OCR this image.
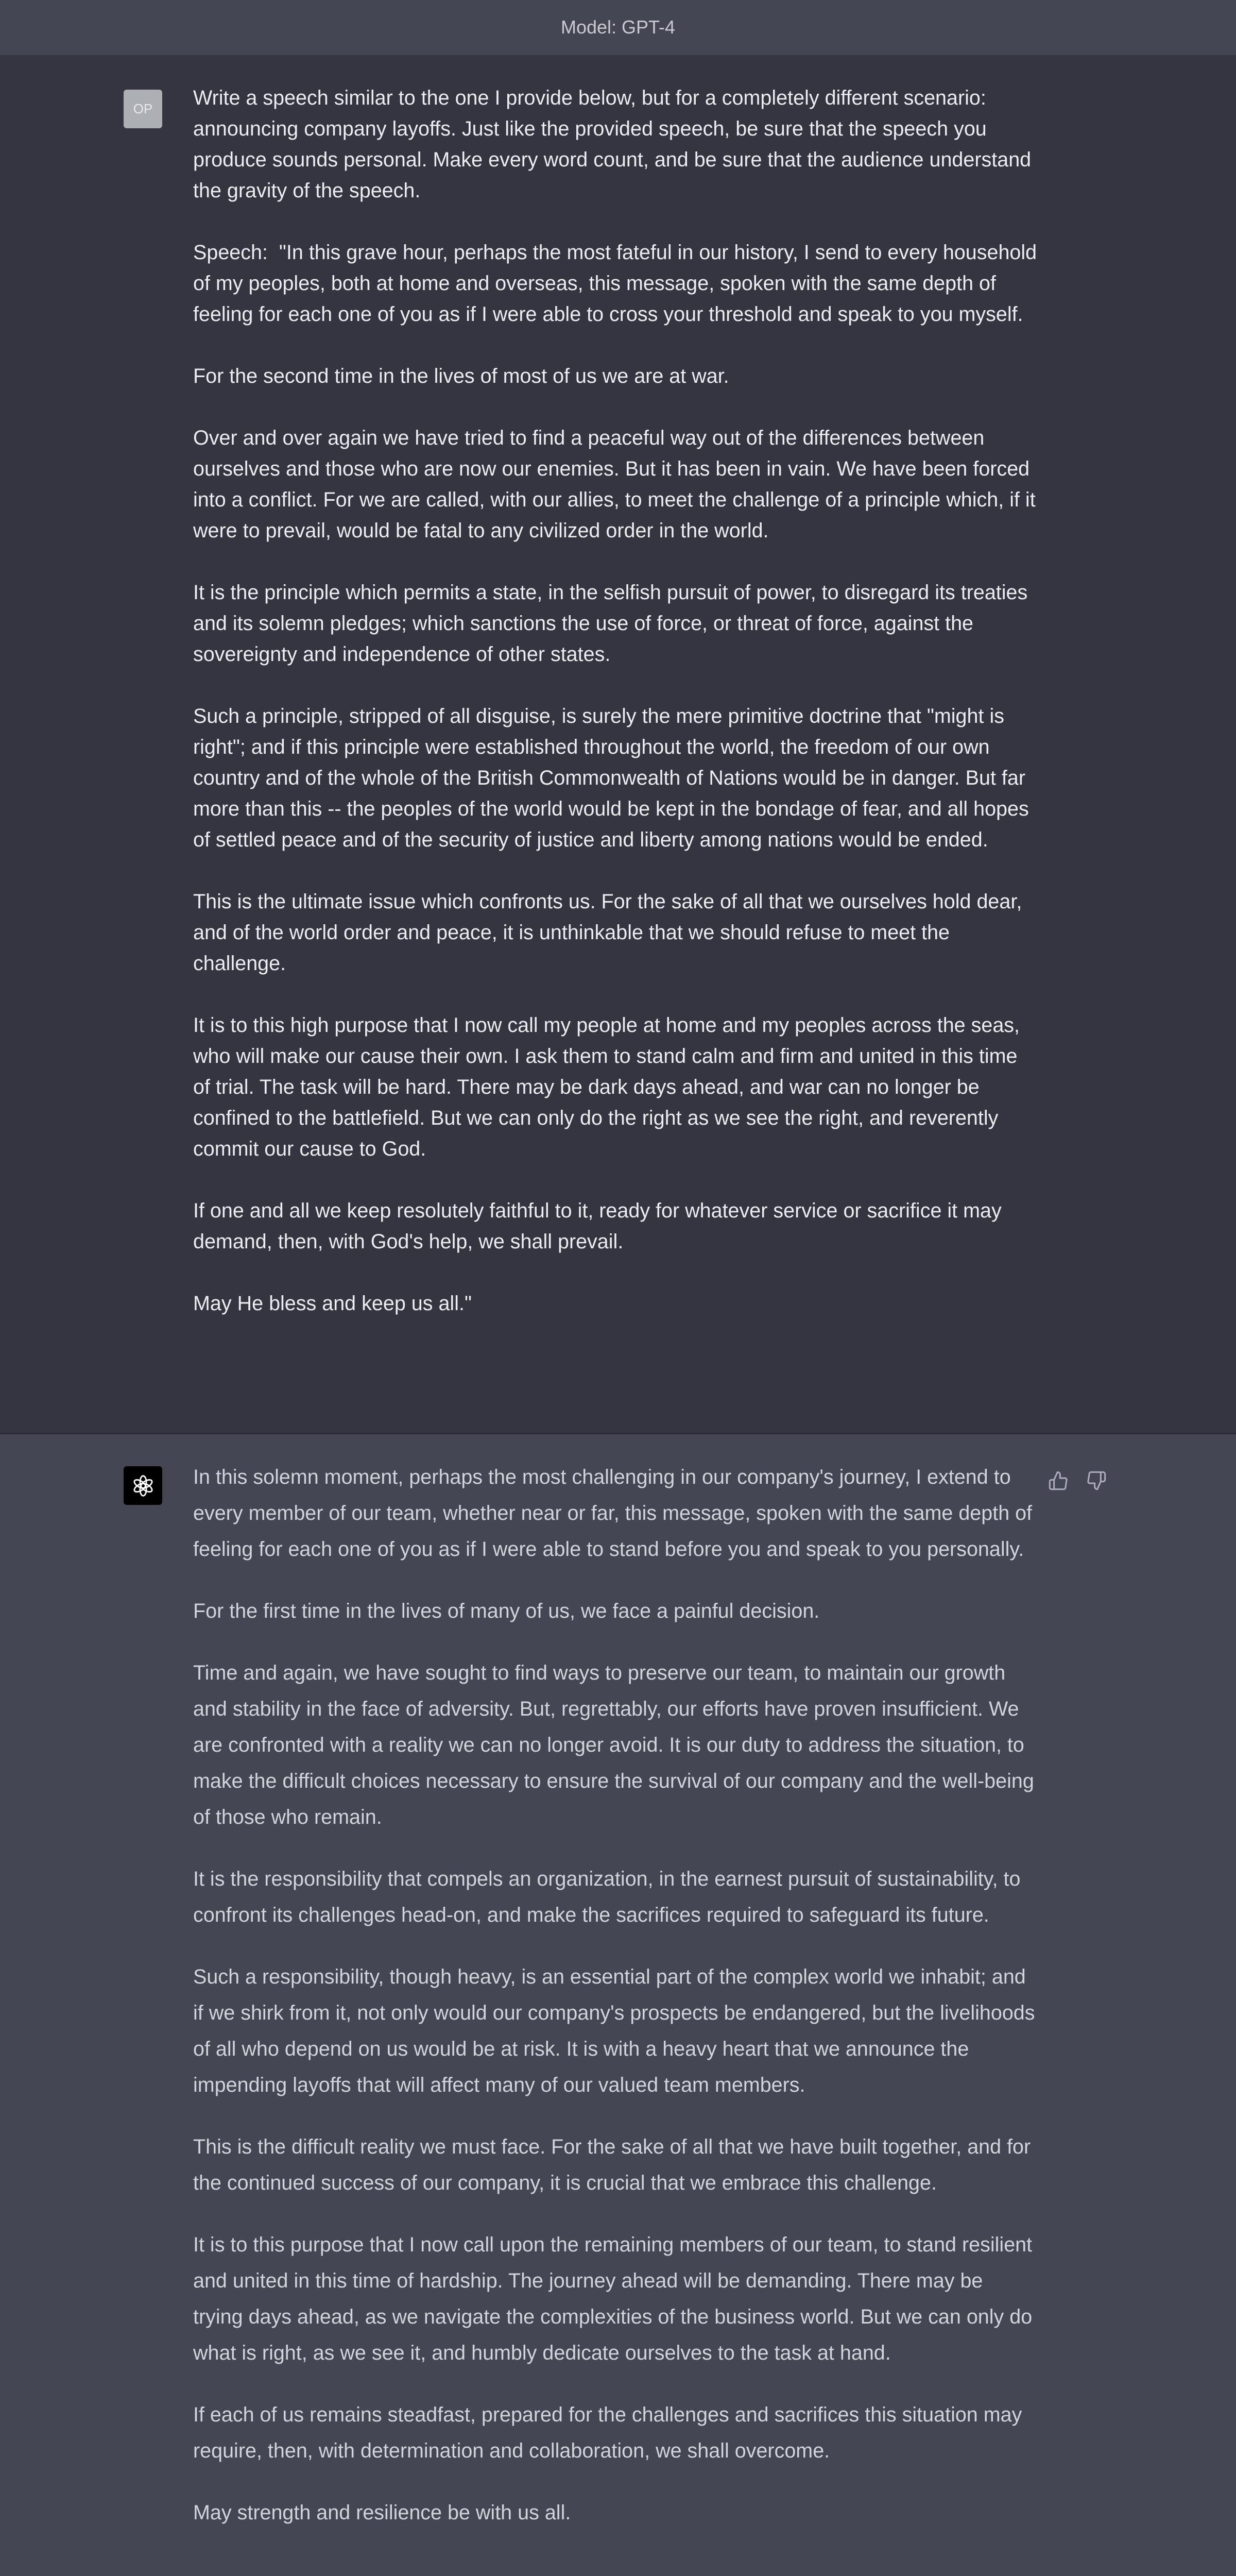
Model: GPT-4
OP Write a speech similar to the one I provide below, but for a completely different scenario: announcing company layoffs. Just like the provided speech, be sure that the speech you produce sounds personal. Make every word count, and be sure that the audience understand the gravity of the speech.

Speech:  "In this grave hour, perhaps the most fateful in our history, I send to every household of my peoples, both at home and overseas, this message, spoken with the same depth of feeling for each one of you as if I were able to cross your threshold and speak to you myself.

For the second time in the lives of most of us we are at war.

Over and over again we have tried to find a peaceful way out of the differences between ourselves and those who are now our enemies. But it has been in vain. We have been forced into a conflict. For we are called, with our allies, to meet the challenge of a principle which, if it were to prevail, would be fatal to any civilized order in the world.

It is the principle which permits a state, in the selfish pursuit of power, to disregard its treaties and its solemn pledges; which sanctions the use of force, or threat of force, against the sovereignty and independence of other states.

Such a principle, stripped of all disguise, is surely the mere primitive doctrine that "might is right"; and if this principle were established throughout the world, the freedom of our own country and of the whole of the British Commonwealth of Nations would be in danger. But far more than this -- the peoples of the world would be kept in the bondage of fear, and all hopes of settled peace and of the security of justice and liberty among nations would be ended.

This is the ultimate issue which confronts us. For the sake of all that we ourselves hold dear, and of the world order and peace, it is unthinkable that we should refuse to meet the challenge.

It is to this high purpose that I now call my people at home and my peoples across the seas, who will make our cause their own. I ask them to stand calm and firm and united in this time of trial. The task will be hard. There may be dark days ahead, and war can no longer be confined to the battlefield. But we can only do the right as we see the right, and reverently commit our cause to God.

If one and all we keep resolutely faithful to it, ready for whatever service or sacrifice it may demand, then, with God's help, we shall prevail.

May He bless and keep us all."

In this solemn moment, perhaps the most challenging in our company's journey, I extend to every member of our team, whether near or far, this message, spoken with the same depth of feeling for each one of you as if I were able to stand before you and speak to you personally.

For the first time in the lives of many of us, we face a painful decision.

Time and again, we have sought to find ways to preserve our team, to maintain our growth and stability in the face of adversity. But, regrettably, our efforts have proven insufficient. We are confronted with a reality we can no longer avoid. It is our duty to address the situation, to make the difficult choices necessary to ensure the survival of our company and the well-being of those who remain.

It is the responsibility that compels an organization, in the earnest pursuit of sustainability, to confront its challenges head-on, and make the sacrifices required to safeguard its future.

Such a responsibility, though heavy, is an essential part of the complex world we inhabit; and if we shirk from it, not only would our company's prospects be endangered, but the livelihoods of all who depend on us would be at risk. It is with a heavy heart that we announce the impending layoffs that will affect many of our valued team members.

This is the difficult reality we must face. For the sake of all that we have built together, and for the continued success of our company, it is crucial that we embrace this challenge.

It is to this purpose that I now call upon the remaining members of our team, to stand resilient and united in this time of hardship. The journey ahead will be demanding. There may be trying days ahead, as we navigate the complexities of the business world. But we can only do what is right, as we see it, and humbly dedicate ourselves to the task at hand.

If each of us remains steadfast, prepared for the challenges and sacrifices this situation may require, then, with determination and collaboration, we shall overcome.

May strength and resilience be with us all.
